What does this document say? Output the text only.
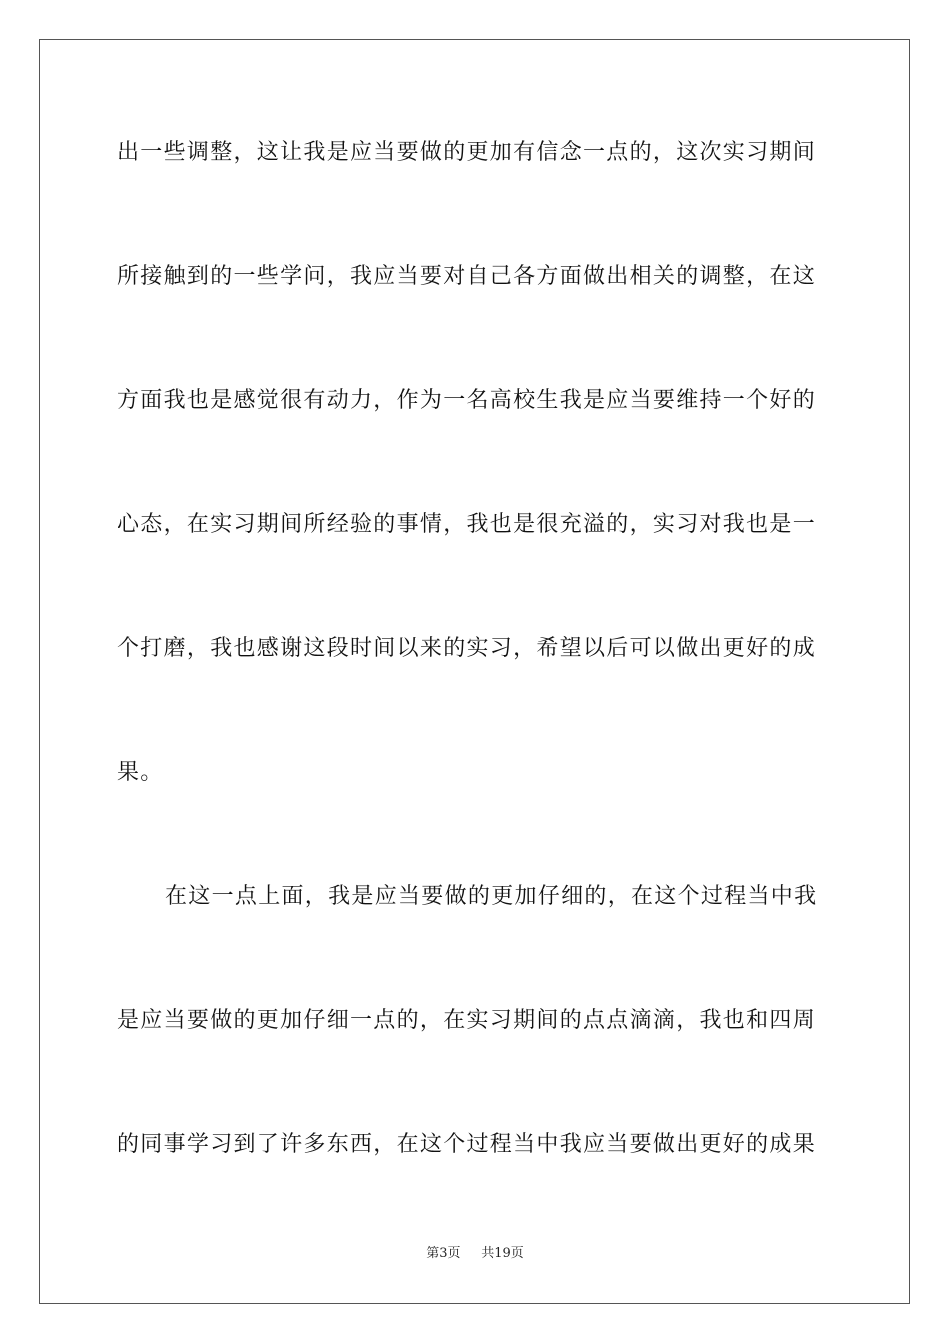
出一些调整，这让我是应当要做的更加有信念一点的，这次实习期间
所接触到的一些学问，我应当要对自己各方面做出相关的调整，在这
方面我也是感觉很有动力，作为一名高校生我是应当要维持一个好的
心态，在实习期间所经验的事情，我也是很充溢的，实习对我也是一
个打磨，我也感谢这段时间以来的实习，希望以后可以做出更好的成
果。
在这一点上面，我是应当要做的更加仔细的，在这个过程当中我
是应当要做的更加仔细一点的，在实习期间的点点滴滴，我也和四周
的同事学习到了许多东西，在这个过程当中我应当要做出更好的成果
第3页 共19页
